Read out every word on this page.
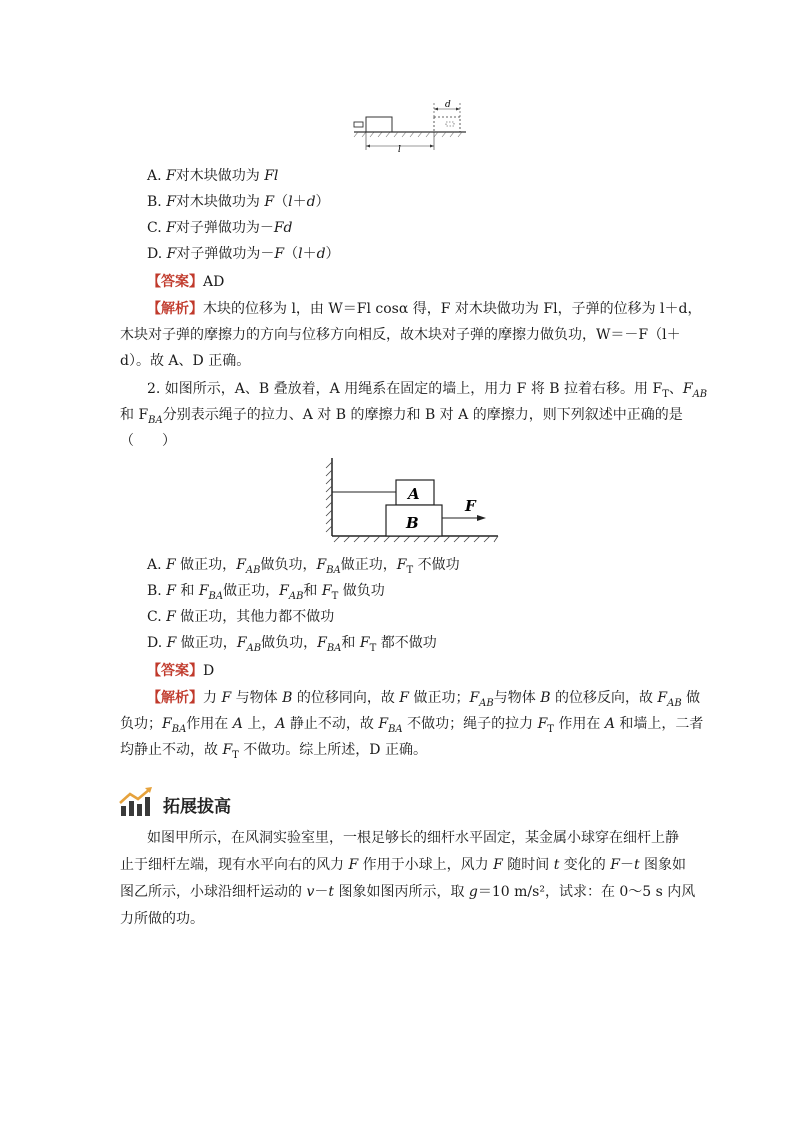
d
l
A. F对木块做功为 Fl
B. F对木块做功为 F（l＋d）
C. F对子弹做功为－Fd
D. F对子弹做功为－F（l＋d）
【答案】AD
【解析】木块的位移为 l，由 W＝Fl cosα 得，F 对木块做功为 Fl，子弹的位移为 l＋d，
木块对子弹的摩擦力的方向与位移方向相反，故木块对子弹的摩擦力做负功，W＝－F（l＋
d）。故 A、D 正确。
2. 如图所示，A、B 叠放着，A 用绳系在固定的墙上，用力 F 将 B 拉着右移。用 $F_T$、$F_{AB}$
和 $F_{BA}$分别表示绳子的拉力、A 对 B 的摩擦力和 B 对 A 的摩擦力，则下列叙述中正确的是
（　　）
A
B
F
A. F 做正功，$F_{AB}$做负功，$F_{BA}$做正功，$F_T$ 不做功
B. F 和 $F_{BA}$做正功，$F_{AB}$和 $F_T$ 做负功
C. F 做正功，其他力都不做功
D. F 做正功，$F_{AB}$做负功，$F_{BA}$和 $F_T$ 都不做功
【答案】D
【解析】力 F 与物体 B 的位移同向，故 F 做正功；$F_{AB}$与物体 B 的位移反向，故 $F_{AB}$ 做
负功；$F_{BA}$作用在 A 上，A 静止不动，故 $F_{BA}$ 不做功；绳子的拉力 $F_T$ 作用在 A 和墙上，二者
均静止不动，故 $F_T$ 不做功。综上所述，D 正确。
拓展拔高
如图甲所示，在风洞实验室里，一根足够长的细杆水平固定，某金属小球穿在细杆上静
止于细杆左端，现有水平向右的风力 F 作用于小球上，风力 F 随时间 t 变化的 F－t 图象如
图乙所示，小球沿细杆运动的 v－t 图象如图丙所示，取 g＝10 m/s²，试求：在 0～5 s 内风
力所做的功。
